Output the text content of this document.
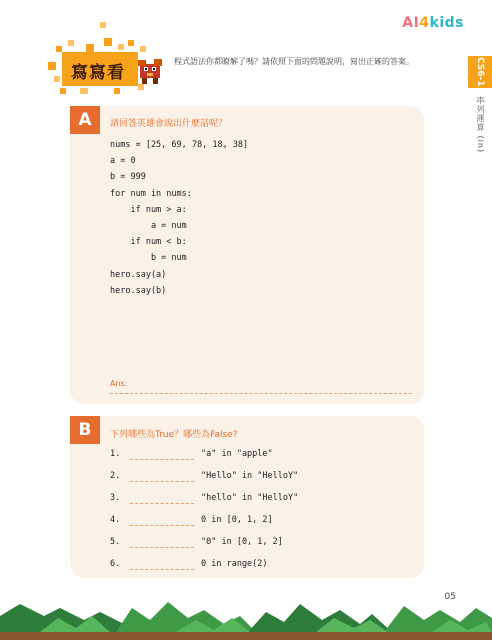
AI4kids
寫寫看
程式語法你都瞭解了嗎？請依照下面的問題說明，寫出正確的答案。	CS6-1
串列運算 (in)
A	請回答英雄會說出什麼話呢？
nums = [25, 69, 78, 18, 38]
a = 0
b = 999
for num in nums:
if num > a:
a = num
if num < b:
b = num
hero.say(a)
hero.say(b)
Ans:
B	下列哪些為True？哪些為False?
1.	"a" in "apple"
2.	"Hello" in "HelloY"
3.	"hello" in "HelloY"
4.	0 in [0, 1, 2]
5.	"0" in [0, 1, 2]
6.	0 in range(2)
05
